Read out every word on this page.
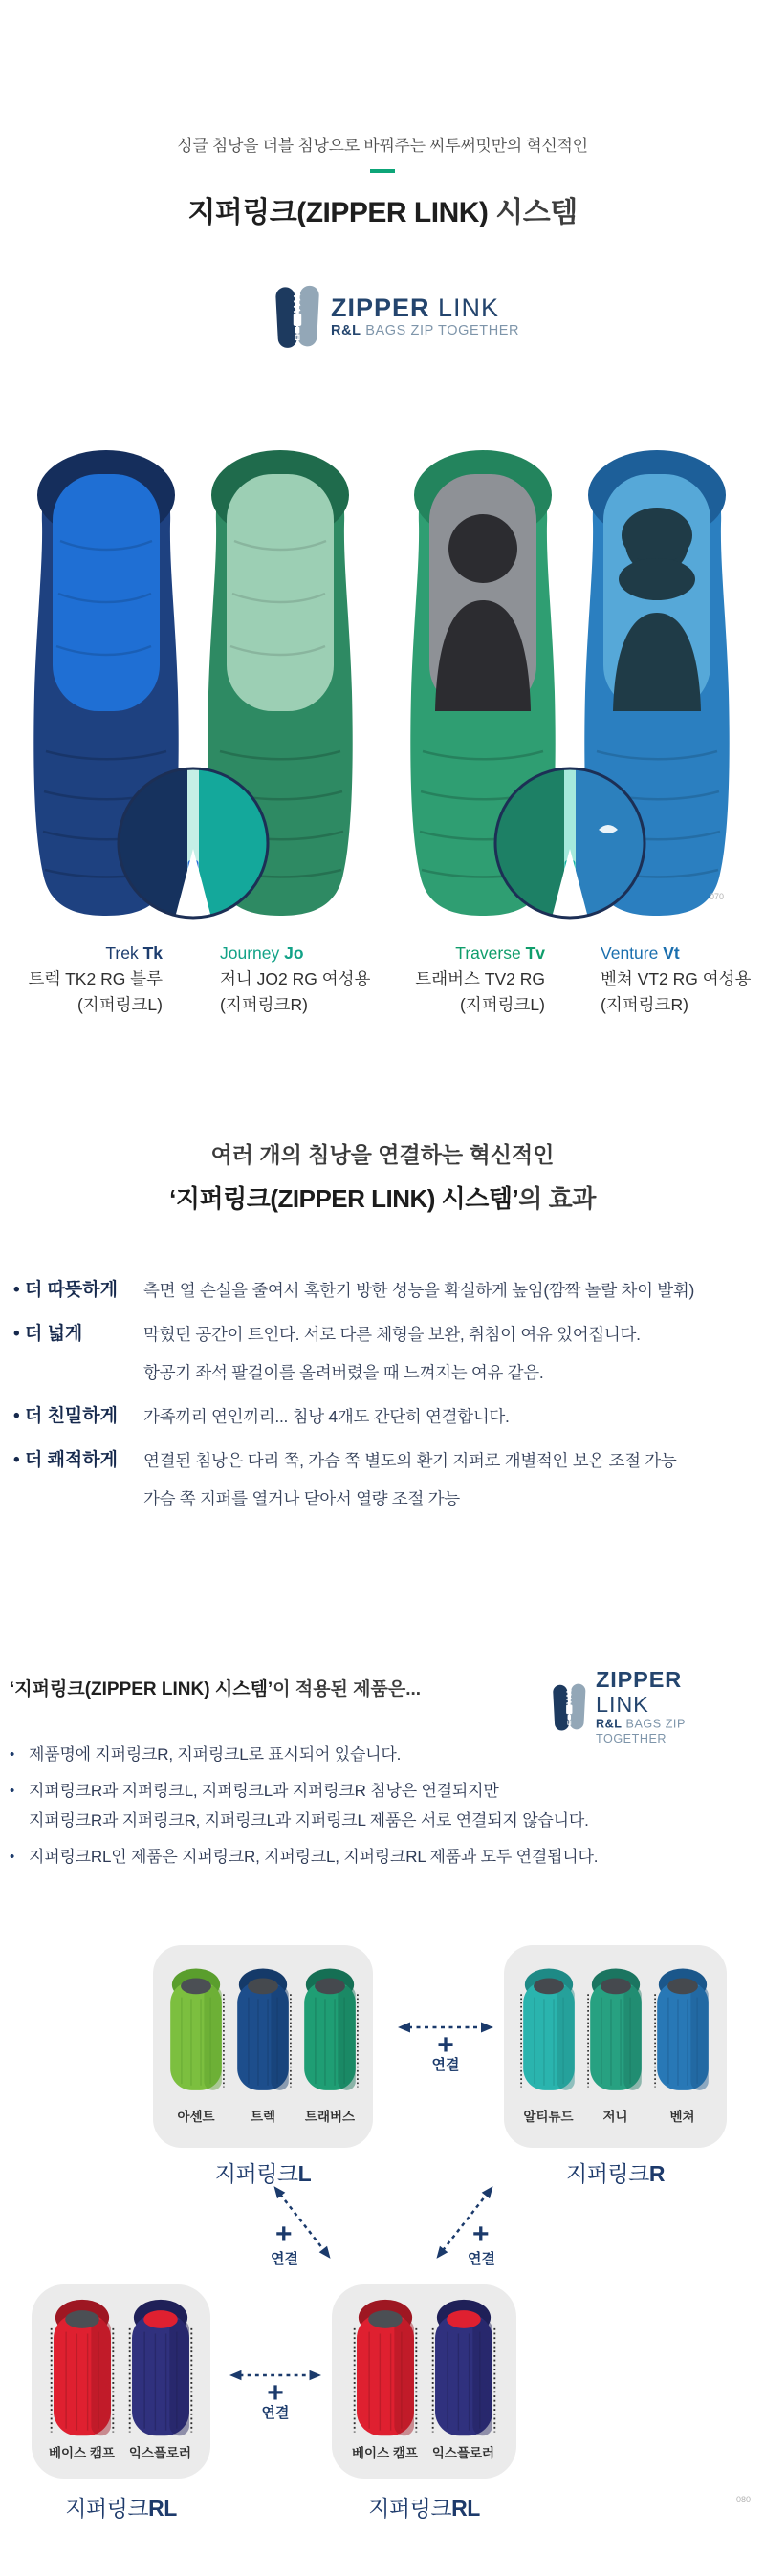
싱글 침낭을 더블 침낭으로 바꿔주는 씨투써밋만의 혁신적인

지퍼링크(ZIPPER LINK) 시스템
ZIPPER LINK
R&L BAGS ZIP TOGETHER
070
Trek Tk
트렉 TK2 RG 블루
(지퍼링크L)
Journey Jo
저니 JO2 RG 여성용
(지퍼링크R)
Traverse Tv
트래버스 TV2 RG
(지퍼링크L)
Venture Vt
벤쳐 VT2 RG 여성용
(지퍼링크R)
여러 개의 침낭을 연결하는 혁신적인
‘지퍼링크(ZIPPER LINK) 시스템’의 효과
• 더 따뜻하게	측면 열 손실을 줄여서 혹한기 방한 성능을 확실하게 높임(깜짝 놀랄 차이 발휘)
• 더 넓게	막혔던 공간이 트인다. 서로 다른 체형을 보완, 취침이 여유 있어집니다.
항공기 좌석 팔걸이를 올려버렸을 때 느껴지는 여유 같음.
• 더 친밀하게	가족끼리 연인끼리... 침낭 4개도 간단히 연결합니다.
• 더 쾌적하게	연결된 침낭은 다리 쪽, 가슴 쪽 별도의 환기 지퍼로 개별적인 보온 조절 가능
가슴 쪽 지퍼를 열거나 닫아서 열량 조절 가능
‘지퍼링크(ZIPPER LINK) 시스템’이 적용된 제품은...	ZIPPER LINK
R&L BAGS ZIP TOGETHER
• 제품명에 지퍼링크R, 지퍼링크L로 표시되어 있습니다.
• 지퍼링크R과 지퍼링크L, 지퍼링크L과 지퍼링크R 침낭은 연결되지만
지퍼링크R과 지퍼링크R, 지퍼링크L과 지퍼링크L 제품은 서로 연결되지 않습니다.
• 지퍼링크RL인 제품은 지퍼링크R, 지퍼링크L, 지퍼링크RL 제품과 모두 연결됩니다.
아센트	트렉 트래버스
지퍼링크L
알티튜드 저니	벤쳐
지퍼링크R
+
연결
+
연결
+
연결
베이스 캠프 익스플로러
지퍼링크RL
+
연결
베이스 캠프 익스플로러
지퍼링크RL	080
